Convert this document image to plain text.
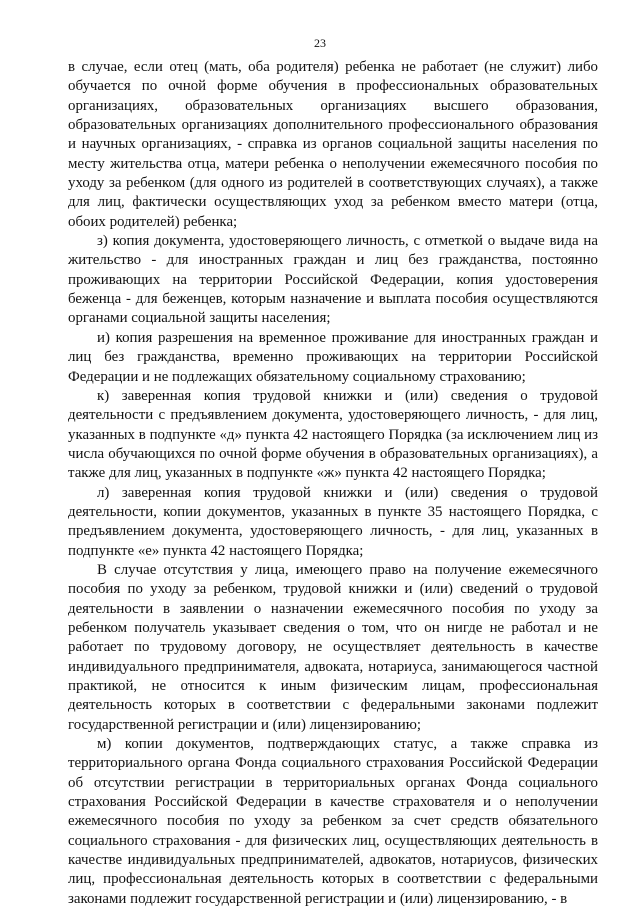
23

в случае, если отец (мать, оба родителя) ребенка не работает (не служит) либо обучается по очной форме обучения в профессиональных образовательных организациях, образовательных организациях высшего образования, образовательных организациях дополнительного профессионального образования и научных организациях, - справка из органов социальной защиты населения по месту жительства отца, матери ребенка о неполучении ежемесячного пособия по уходу за ребенком (для одного из родителей в соответствующих случаях), а также для лиц, фактически осуществляющих уход за ребенком вместо матери (отца, обоих родителей) ребенка;

з) копия документа, удостоверяющего личность, с отметкой о выдаче вида на жительство - для иностранных граждан и лиц без гражданства, постоянно проживающих на территории Российской Федерации, копия удостоверения беженца - для беженцев, которым назначение и выплата пособия осуществляются органами социальной защиты населения;

и) копия разрешения на временное проживание для иностранных граждан и лиц без гражданства, временно проживающих на территории Российской Федерации и не подлежащих обязательному социальному страхованию;

к) заверенная копия трудовой книжки и (или) сведения о трудовой деятельности с предъявлением документа, удостоверяющего личность, - для лиц, указанных в подпункте «д» пункта 42 настоящего Порядка (за исключением лиц из числа обучающихся по очной форме обучения в образовательных организациях), а также для лиц, указанных в подпункте «ж» пункта 42 настоящего Порядка;

л) заверенная копия трудовой книжки и (или) сведения о трудовой деятельности, копии документов, указанных в пункте 35 настоящего Порядка, с предъявлением документа, удостоверяющего личность, - для лиц, указанных в подпункте «е» пункта 42 настоящего Порядка;

В случае отсутствия у лица, имеющего право на получение ежемесячного пособия по уходу за ребенком, трудовой книжки и (или) сведений о трудовой деятельности в заявлении о назначении ежемесячного пособия по уходу за ребенком получатель указывает сведения о том, что он нигде не работал и не работает по трудовому договору, не осуществляет деятельность в качестве индивидуального предпринимателя, адвоката, нотариуса, занимающегося частной практикой, не относится к иным физическим лицам, профессиональная деятельность которых в соответствии с федеральными законами подлежит государственной регистрации и (или) лицензированию;

м) копии документов, подтверждающих статус, а также справка из территориального органа Фонда социального страхования Российской Федерации об отсутствии регистрации в территориальных органах Фонда социального страхования Российской Федерации в качестве страхователя и о неполучении ежемесячного пособия по уходу за ребенком за счет средств обязательного социального страхования - для физических лиц, осуществляющих деятельность в качестве индивидуальных предпринимателей, адвокатов, нотариусов, физических лиц, профессиональная деятельность которых в соответствии с федеральными законами подлежит государственной регистрации и (или) лицензированию, - в
